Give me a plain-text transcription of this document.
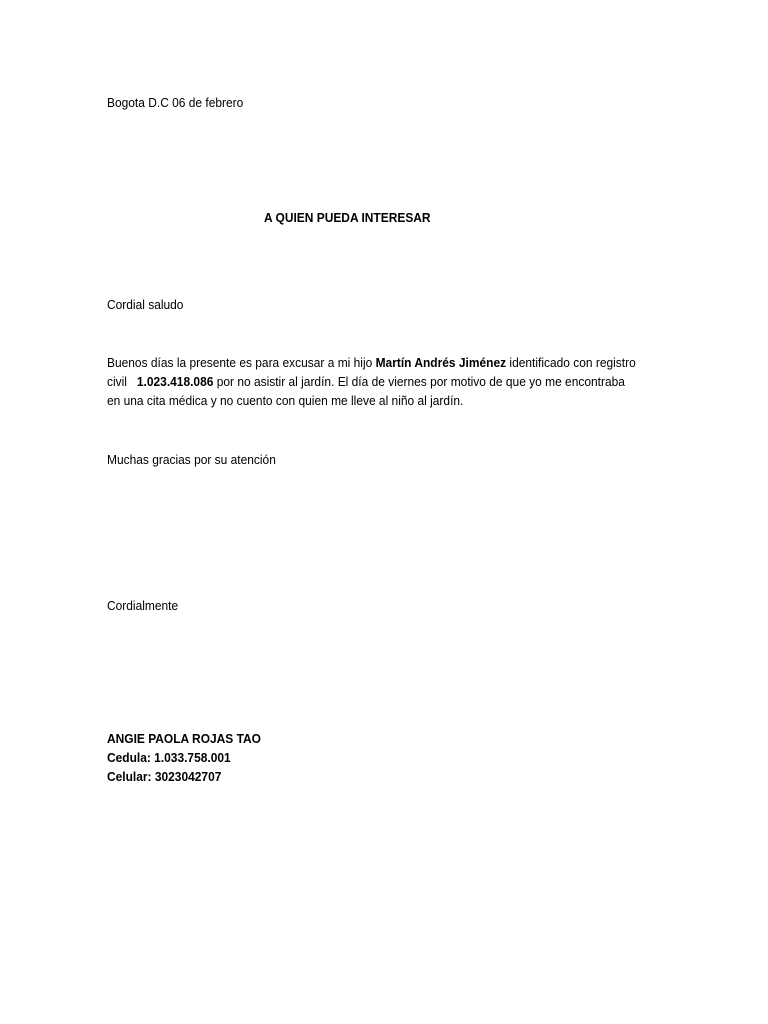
Bogota D.C 06 de febrero
A QUIEN PUEDA INTERESAR
Cordial saludo
Buenos días la presente es para excusar a mi hijo Martín Andrés Jiménez identificado con registro
civil   1.023.418.086 por no asistir al jardín. El día de viernes por motivo de que yo me encontraba
en una cita médica y no cuento con quien me lleve al niño al jardín.
Muchas gracias por su atención
Cordialmente
ANGIE PAOLA ROJAS TAO
Cedula: 1.033.758.001
Celular: 3023042707
